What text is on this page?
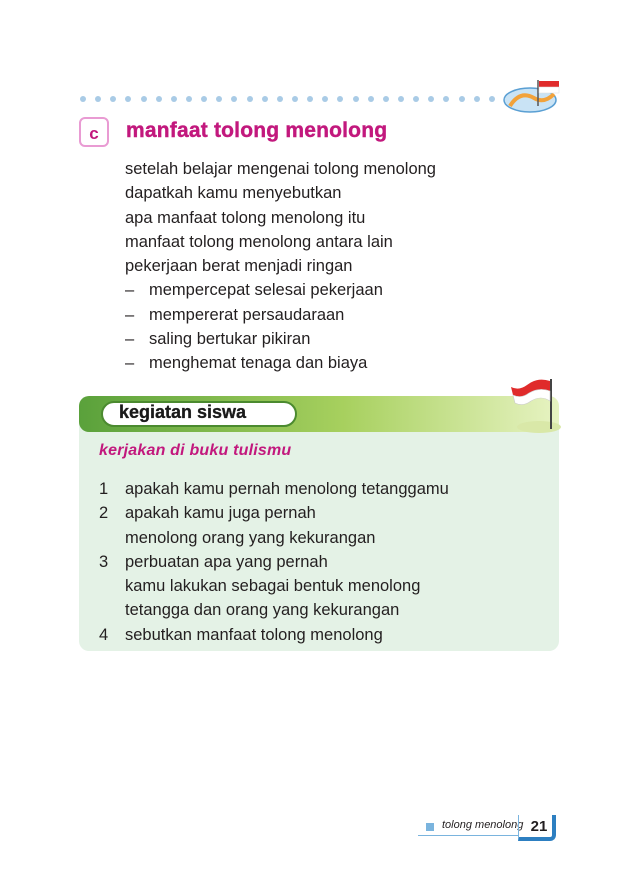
c	manfaat tolong menolong
setelah belajar mengenai tolong menolong
dapatkah kamu menyebutkan
apa manfaat tolong menolong itu
manfaat tolong menolong antara lain
pekerjaan berat menjadi ringan
– mempercepat selesai pekerjaan
– mempererat persaudaraan
– saling bertukar pikiran
– menghemat tenaga dan biaya
kegiatan siswa
kerjakan di buku tulismu
1	apakah kamu pernah menolong tetanggamu
2	apakah kamu juga pernah
menolong orang yang kekurangan
3	perbuatan apa yang pernah
kamu lakukan sebagai bentuk menolong
tetangga dan orang yang kekurangan
4	sebutkan manfaat tolong menolong
tolong menolong 21
